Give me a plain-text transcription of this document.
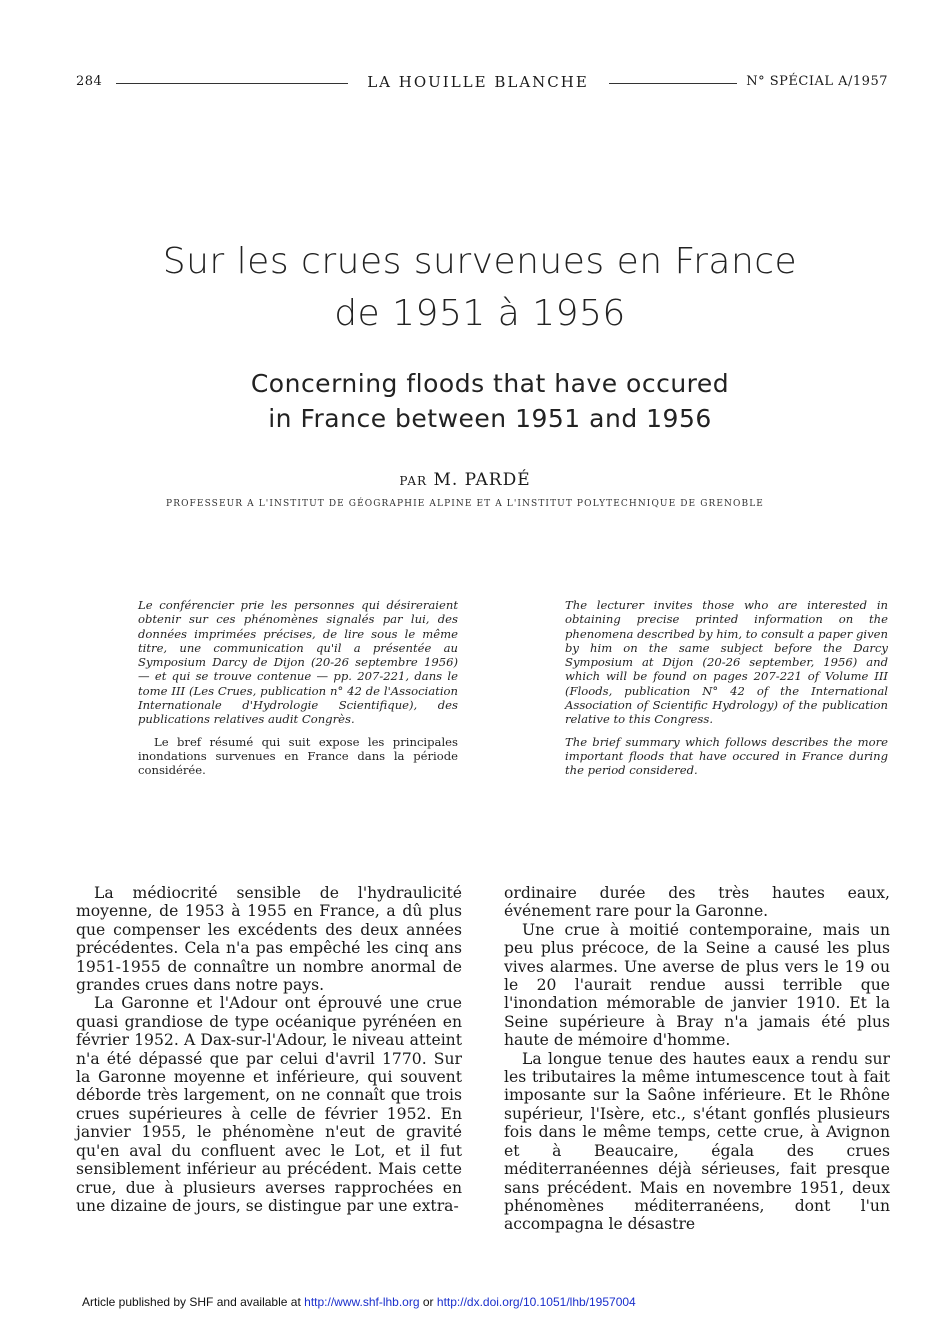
284	LA HOUILLE BLANCHE	N° SPÉCIAL A/1957
Sur les crues survenues en France
de 1951 à 1956
Concerning floods that have occured
in France between 1951 and 1956
PAR M. PARDÉ
PROFESSEUR A L'INSTITUT DE GÉOGRAPHIE ALPINE ET A L'INSTITUT POLYTECHNIQUE DE GRENOBLE

Le conférencier prie les personnes qui désireraient obtenir sur ces phénomènes signalés par lui, des données imprimées précises, de lire sous le même titre, une communication qu'il a présentée au Symposium Darcy de Dijon (20-26 septembre 1956) — et qui se trouve contenue — pp. 207-221, dans le tome III (Les Crues, publication n° 42 de l'Association Internationale d'Hydrologie Scientifique), des publications relatives audit Congrès.

Le bref résumé qui suit expose les principales inondations survenues en France dans la période considérée.

The lecturer invites those who are interested in obtaining precise printed information on the phenomena described by him, to consult a paper given by him on the same subject before the Darcy Symposium at Dijon (20-26 september, 1956) and which will be found on pages 207-221 of Volume III (Floods, publication N° 42 of the International Association of Scientific Hydrology) of the publication relative to this Congress.

The brief summary which follows describes the more important floods that have occured in France during the period considered.

La médiocrité sensible de l'hydraulicité moyenne, de 1953 à 1955 en France, a dû plus que compenser les excédents des deux années précédentes. Cela n'a pas empêché les cinq ans 1951-1955 de connaître un nombre anormal de grandes crues dans notre pays.

La Garonne et l'Adour ont éprouvé une crue quasi grandiose de type océanique pyrénéen en février 1952. A Dax-sur-l'Adour, le niveau atteint n'a été dépassé que par celui d'avril 1770. Sur la Garonne moyenne et inférieure, qui souvent déborde très largement, on ne connaît que trois crues supérieures à celle de février 1952. En janvier 1955, le phénomène n'eut de gravité qu'en aval du confluent avec le Lot, et il fut sensiblement inférieur au précédent. Mais cette crue, due à plusieurs averses rapprochées en une dizaine de jours, se distingue par une extra-

ordinaire durée des très hautes eaux, événement rare pour la Garonne.

Une crue à moitié contemporaine, mais un peu plus précoce, de la Seine a causé les plus vives alarmes. Une averse de plus vers le 19 ou le 20 l'aurait rendue aussi terrible que l'inondation mémorable de janvier 1910. Et la Seine supérieure à Bray n'a jamais été plus haute de mémoire d'homme.

La longue tenue des hautes eaux a rendu sur les tributaires la même intumescence tout à fait imposante sur la Saône inférieure. Et le Rhône supérieur, l'Isère, etc., s'étant gonflés plusieurs fois dans le même temps, cette crue, à Avignon et à Beaucaire, égala des crues méditerranéennes déjà sérieuses, fait presque sans précédent. Mais en novembre 1951, deux phénomènes méditerranéens, dont l'un accompagna le désastre

Article published by SHF and available at http://www.shf-lhb.org or http://dx.doi.org/10.1051/lhb/1957004
